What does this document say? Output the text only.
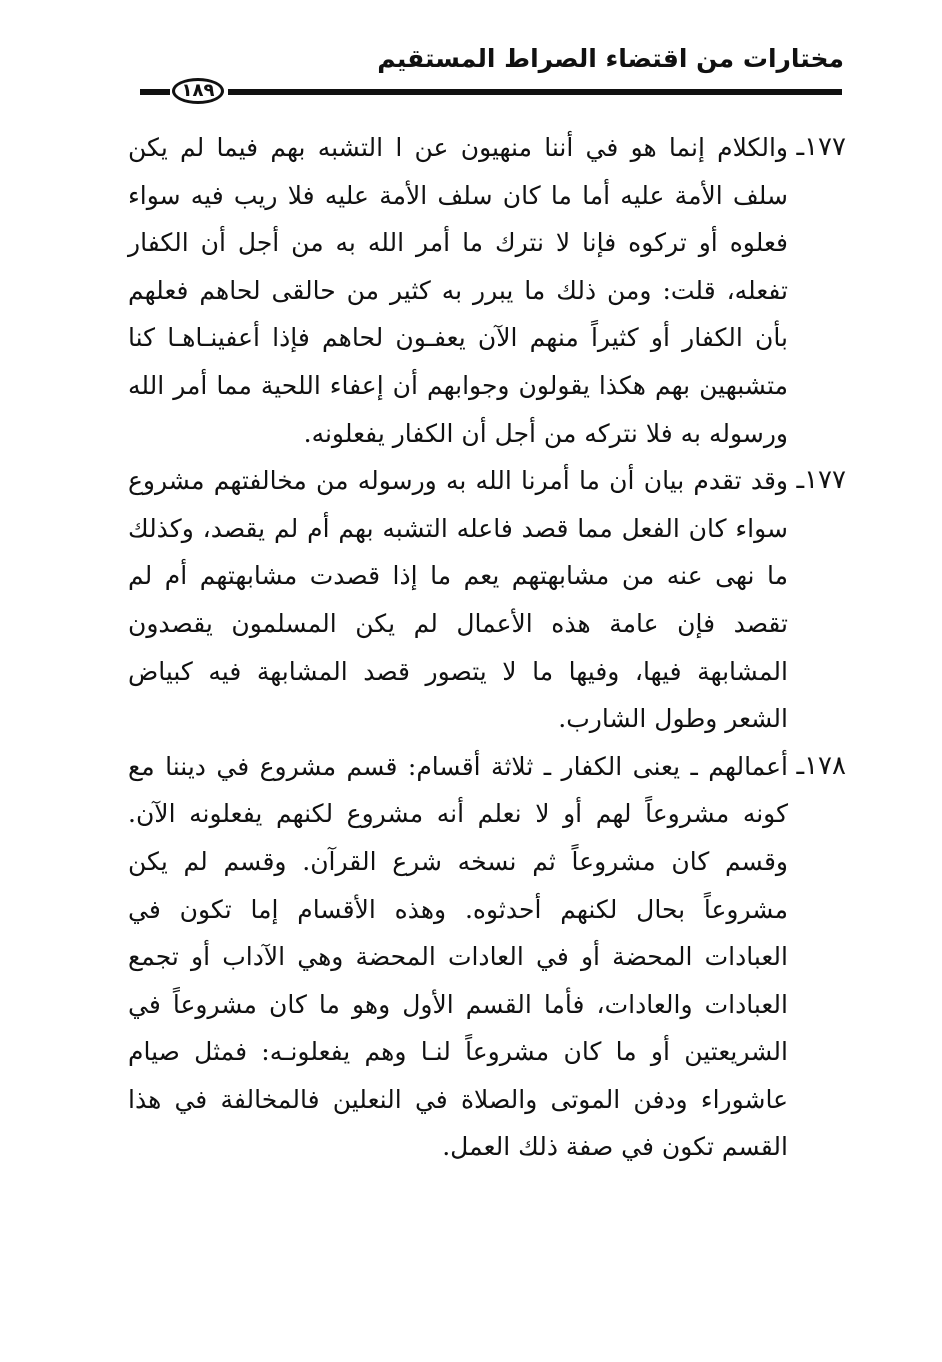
مختارات من اقتضاء الصراط المستقيم
١٨٩
١٧٧ـ
والكلام إنما هو في أننا منهيون عن ا التشبه بهم فيما لم يكن سلف الأمة عليه أما ما كان سلف الأمة عليه فلا ريب فيه سواء فعلوه أو تركوه فإنا لا نترك ما أمر الله به من أجل أن الكفار تفعله، قلت: ومن ذلك ما يبرر به كثير من حالقى لحاهم فعلهم بأن الكفار أو كثيراً منهم الآن يعفـون لحاهم فإذا أعفينـاهـا كنا متشبهين بهم هكذا يقولون وجوابهم أن إعفاء اللحية مما أمر الله ورسوله به فلا نتركه من أجل أن الكفار يفعلونه.
١٧٧ـ
وقد تقدم بيان أن ما أمرنا الله به ورسوله من مخالفتهم مشروع سواء كان الفعل مما قصد فاعله التشبه بهم أم لم يقصد، وكذلك ما نهى عنه من مشابهتهم يعم ما إذا قصدت مشابهتهم أم لم تقصد فإن عامة هذه الأعمال لم يكن المسلمون يقصدون المشابهة فيها، وفيها ما لا يتصور قصد المشابهة فيه كبياض الشعر وطول الشارب.
١٧٨ـ
أعمالهم ـ يعنى الكفار ـ ثلاثة أقسام: قسم مشروع في ديننا مع كونه مشروعاً لهم أو لا نعلم أنه مشروع لكنهم يفعلونه الآن. وقسم كان مشروعاً ثم نسخه شرع القرآن. وقسم لم يكن مشروعاً بحال لكنهم أحدثوه. وهذه الأقسام إما تكون في العبادات المحضة أو في العادات المحضة وهي الآداب أو تجمع العبادات والعادات، فأما القسم الأول وهو ما كان مشروعاً في الشريعتين أو ما كان مشروعاً لنـا وهم يفعلونـه: فمثل صيام عاشوراء ودفن الموتى والصلاة في النعلين فالمخالفة في هذا القسم تكون في صفة ذلك العمل.
